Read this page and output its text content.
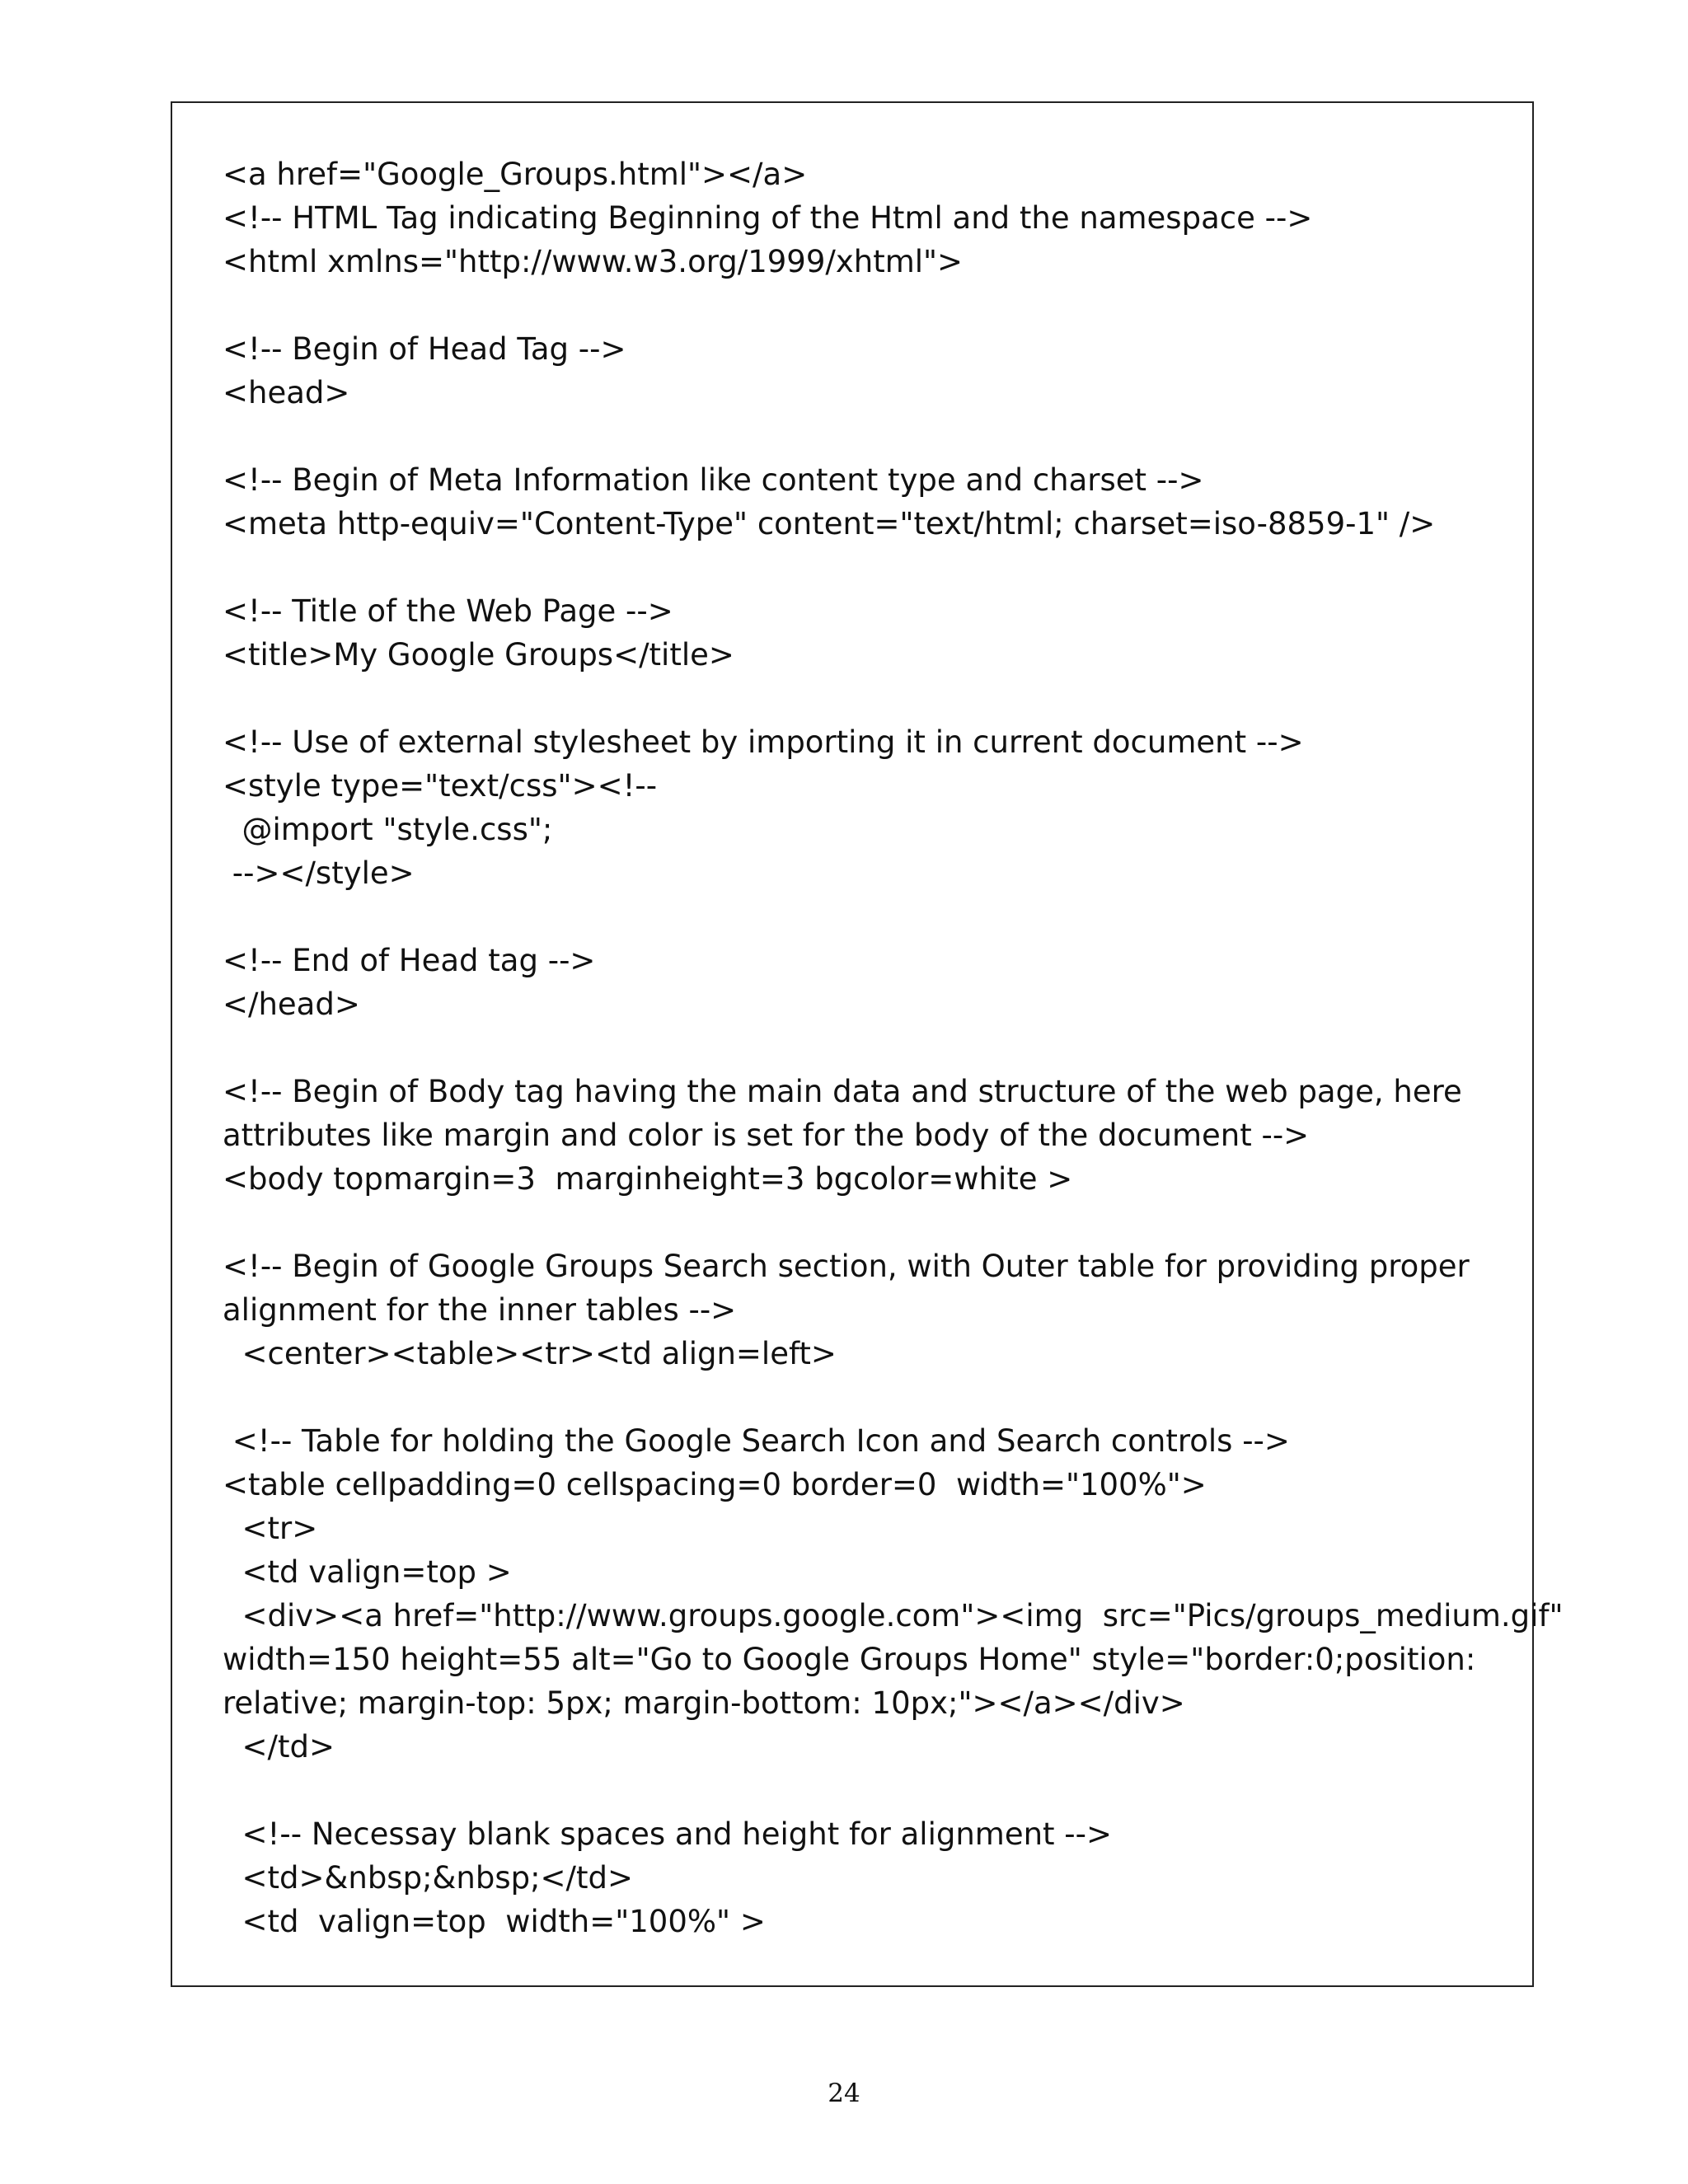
<a href="Google_Groups.html"></a>
<!-- HTML Tag indicating Beginning of the Html and the namespace -->
<html xmlns="http://www.w3.org/1999/xhtml">

<!-- Begin of Head Tag -->
<head>

<!-- Begin of Meta Information like content type and charset -->
<meta http-equiv="Content-Type" content="text/html; charset=iso-8859-1" />

<!-- Title of the Web Page -->
<title>My Google Groups</title>

<!-- Use of external stylesheet by importing it in current document -->
<style type="text/css"><!--
@import "style.css";
--></style>

<!-- End of Head tag -->
</head>

<!-- Begin of Body tag having the main data and structure of the web page, here
attributes like margin and color is set for the body of the document -->
<body topmargin=3  marginheight=3 bgcolor=white >

<!-- Begin of Google Groups Search section, with Outer table for providing proper
alignment for the inner tables -->
<center><table><tr><td align=left>

<!-- Table for holding the Google Search Icon and Search controls -->
<table cellpadding=0 cellspacing=0 border=0  width="100%">
<tr>
<td valign=top >
<div><a href="http://www.groups.google.com"><img  src="Pics/groups_medium.gif"
width=150 height=55 alt="Go to Google Groups Home" style="border:0;position:
relative; margin-top: 5px; margin-bottom: 10px;"></a></div>
</td>

<!-- Necessay blank spaces and height for alignment -->
<td>&nbsp;&nbsp;</td>
<td  valign=top  width="100%" >
24
